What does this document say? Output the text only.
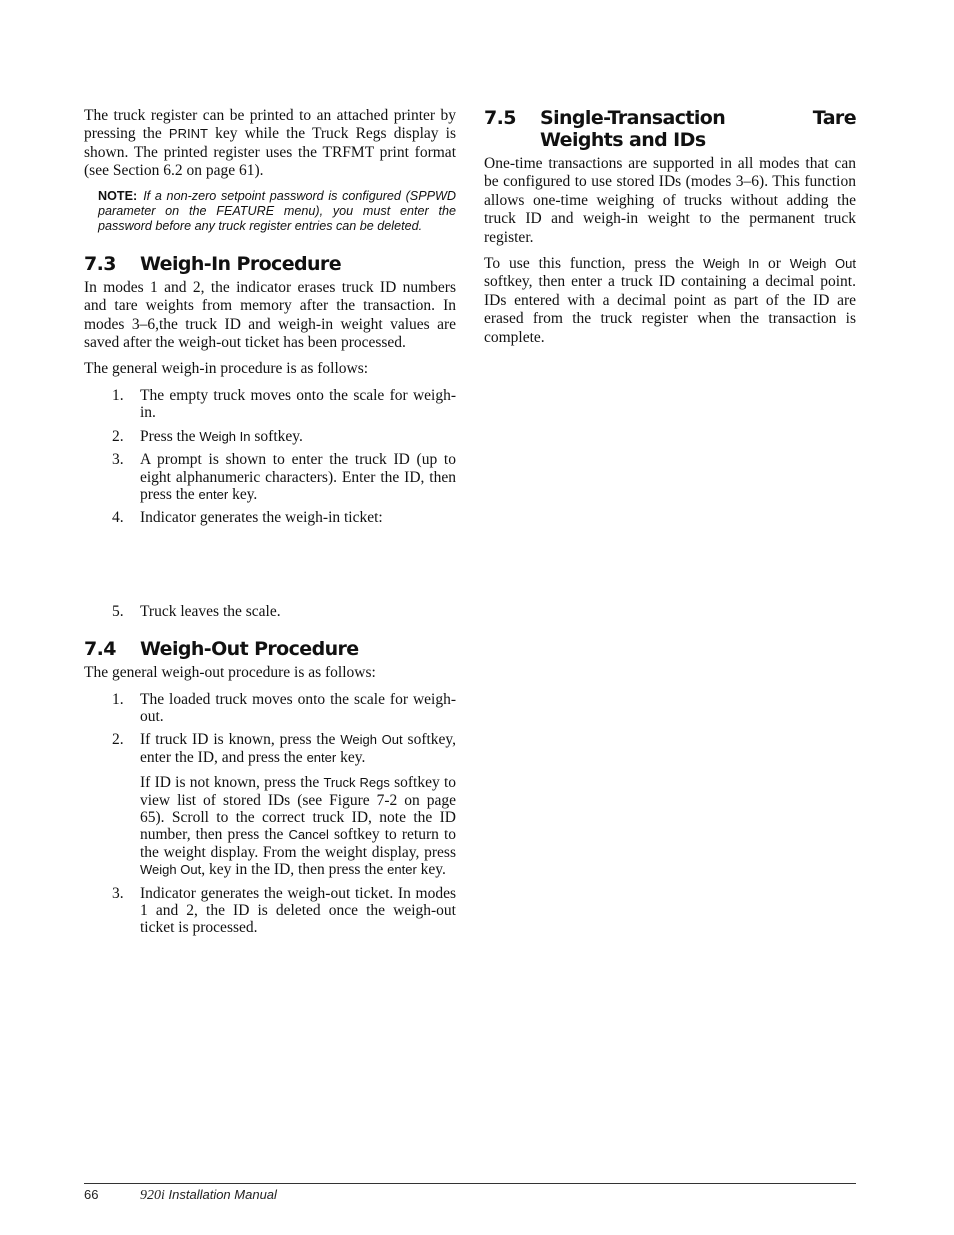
The truck register can be printed to an attached printer by pressing the PRINT key while the Truck Regs display is shown. The printed register uses the TRFMT print format (see Section 6.2 on page 61).

NOTE: If a non-zero setpoint password is configured (SPPWD parameter on the FEATURE menu), you must enter the password before any truck register entries can be deleted.

7.3	Weigh-In Procedure

In modes 1 and 2, the indicator erases truck ID numbers and tare weights from memory after the transaction. In modes 3–6,the truck ID and weigh-in weight values are saved after the weigh-out ticket has been processed.

The general weigh-in procedure is as follows:

1.	The empty truck moves onto the scale for weigh-in.
2.	Press the Weigh In softkey.
3.	A prompt is shown to enter the truck ID (up to eight alphanumeric characters). Enter the ID, then press the enter key.
4.	Indicator generates the weigh-in ticket:
5.	Truck leaves the scale.
7.4	Weigh-Out Procedure

The general weigh-out procedure is as follows:

1.	The loaded truck moves onto the scale for weigh-out.
2.	If truck ID is known, press the Weigh Out softkey, enter the ID, and press the enter key.
If ID is not known, press the Truck Regs softkey to view list of stored IDs (see Figure 7-2 on page 65). Scroll to the correct truck ID, note the ID number, then press the Cancel softkey to return to the weight display. From the weight display, press Weigh Out, key in the ID, then press the enter key.
3.	Indicator generates the weigh-out ticket. In modes 1 and 2, the ID is deleted once the weigh-out ticket is processed.
7.5	Single-Transaction Tare Weights and IDs

One-time transactions are supported in all modes that can be configured to use stored IDs (modes 3–6). This function allows one-time weighing of trucks without adding the truck ID and weigh-in weight to the permanent truck register.

To use this function, press the Weigh In or Weigh Out softkey, then enter a truck ID containing a decimal point. IDs entered with a decimal point as part of the ID are erased from the truck register when the transaction is complete.

66	920i Installation Manual
